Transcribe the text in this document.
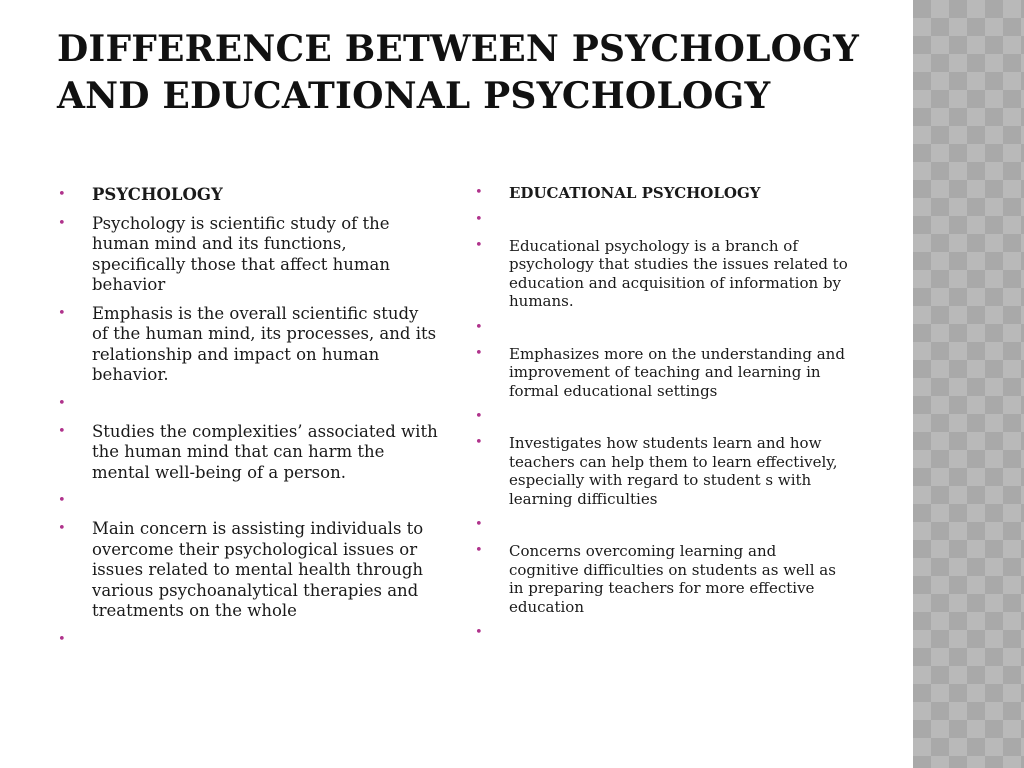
DIFFERENCE BETWEEN PSYCHOLOGY AND EDUCATIONAL PSYCHOLOGY
• PSYCHOLOGY
• Psychology is scientific study of the human mind and its functions, specifically those that affect human behavior
• Emphasis is the overall scientific study of the human mind, its processes, and its relationship and impact on human behavior.
•
• Studies the complexities’ associated with the human mind that can harm the mental well-being of a person.
•
• Main concern is assisting individuals to overcome their psychological issues or issues related to mental health through various psychoanalytical therapies and treatments on the whole
•
• EDUCATIONAL PSYCHOLOGY
•
• Educational psychology is a branch of psychology that studies the issues related to education and acquisition of information by humans.
•
• Emphasizes more on the understanding and improvement of teaching and learning in formal educational settings
•
• Investigates how students learn and how teachers can help them to learn effectively, especially with regard to student s with learning difficulties
•
• Concerns overcoming learning and cognitive difficulties on students as well as in preparing teachers for more effective education
•
